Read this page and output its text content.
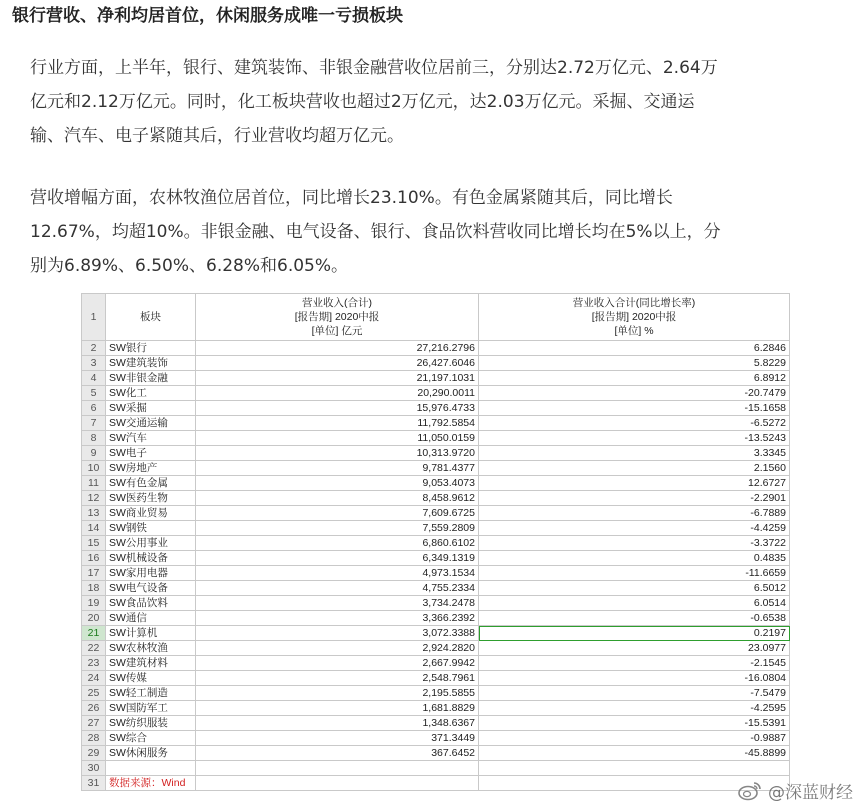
银行营收、净利均居首位，休闲服务成唯一亏损板块

行业方面，上半年，银行、建筑装饰、非银金融营收位居前三，分别达2.72万亿元、2.64万
亿元和2.12万亿元。同时，化工板块营收也超过2万亿元，达2.03万亿元。采掘、交通运
输、汽车、电子紧随其后，行业营收均超万亿元。

营收增幅方面，农林牧渔位居首位，同比增长23.10%。有色金属紧随其后，同比增长
12.67%，均超10%。非银金融、电气设备、银行、食品饮料营收同比增长均在5%以上，分
别为6.89%、6.50%、6.28%和6.05%。

1	板块	营业收入(合计)
[报告期] 2020中报
[单位] 亿元	营业收入合计(同比增长率)
[报告期] 2020中报
[单位] %

2	SW银行	27,216.2796	6.2846
3	SW建筑装饰	26,427.6046	5.8229
4	SW非银金融	21,197.1031	6.8912
5	SW化工	20,290.0011	-20.7479
6	SW采掘	15,976.4733	-15.1658
7	SW交通运输	11,792.5854	-6.5272
8	SW汽车	11,050.0159	-13.5243
9	SW电子	10,313.9720	3.3345
10	SW房地产	9,781.4377	2.1560
11	SW有色金属	9,053.4073	12.6727
12	SW医药生物	8,458.9612	-2.2901
13	SW商业贸易	7,609.6725	-6.7889
14	SW钢铁	7,559.2809	-4.4259
15	SW公用事业	6,860.6102	-3.3722
16	SW机械设备	6,349.1319	0.4835
17	SW家用电器	4,973.1534	-11.6659
18	SW电气设备	4,755.2334	6.5012
19	SW食品饮料	3,734.2478	6.0514
20	SW通信	3,366.2392	-0.6538
21	SW计算机	3,072.3388	0.2197
22	SW农林牧渔	2,924.2820	23.0977
23	SW建筑材料	2,667.9942	-2.1545
24	SW传媒	2,548.7961	-16.0804
25	SW轻工制造	2,195.5855	-7.5479
26	SW国防军工	1,681.8829	-4.2595
27	SW纺织服装	1,348.6367	-15.5391
28	SW综合	371.3449	-0.9887
29	SW休闲服务	367.6452	-45.8899
30			
31	数据来源：Wind		
@深蓝财经
